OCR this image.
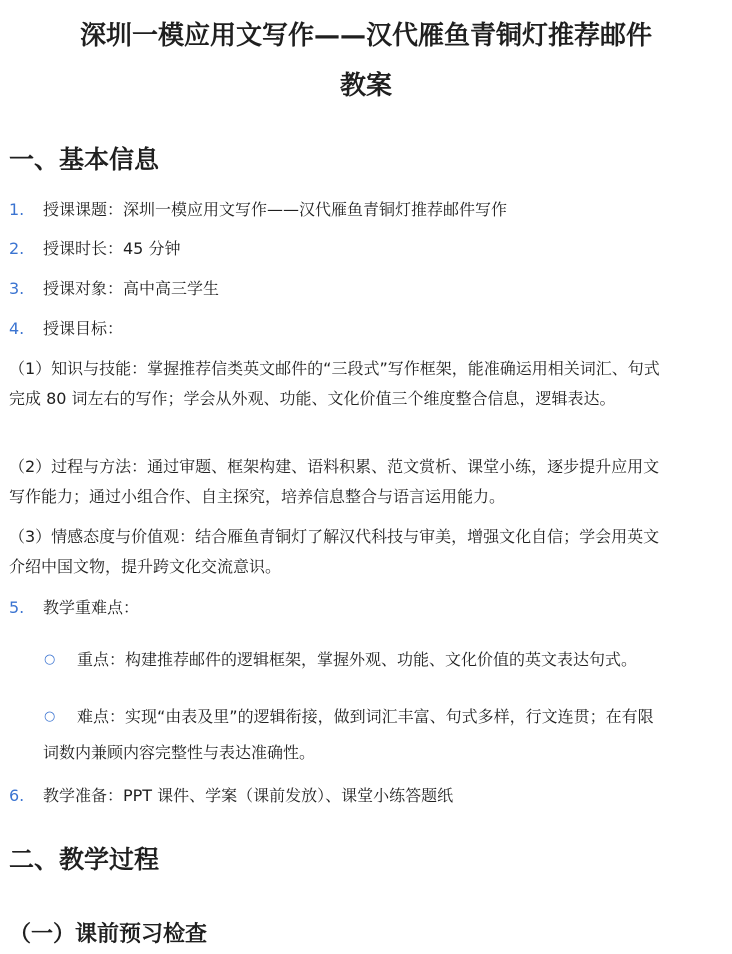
深圳一模应用文写作——汉代雁鱼青铜灯推荐邮件
教案
一、基本信息
1. 授课课题：深圳一模应用文写作——汉代雁鱼青铜灯推荐邮件写作
2. 授课时长：45 分钟
3. 授课对象：高中高三学生
4. 授课目标：

（1）知识与技能：掌握推荐信类英文邮件的“三段式”写作框架，能准确运用相关词汇、句式完成 80 词左右的写作；学会从外观、功能、文化价值三个维度整合信息，逻辑表达。

（2）过程与方法：通过审题、框架构建、语料积累、范文赏析、课堂小练，逐步提升应用文写作能力；通过小组合作、自主探究，培养信息整合与语言运用能力。

（3）情感态度与价值观：结合雁鱼青铜灯了解汉代科技与审美，增强文化自信；学会用英文介绍中国文物，提升跨文化交流意识。

5. 教学重难点：
○	重点：构建推荐邮件的逻辑框架，掌握外观、功能、文化价值的英文表达句式。
○	难点：实现“由表及里”的逻辑衔接，做到词汇丰富、句式多样，行文连贯；在有限词数内兼顾内容完整性与表达准确性。
6. 教学准备：PPT 课件、学案（课前发放）、课堂小练答题纸
二、教学过程
（一）课前预习检查
